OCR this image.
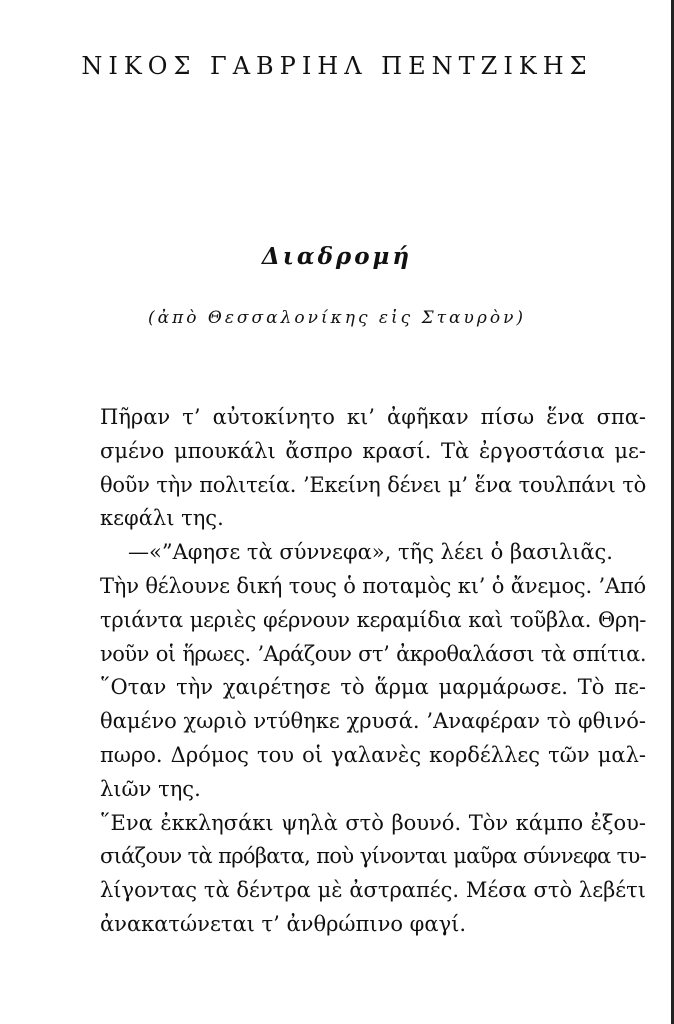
ΝΙΚΟΣ ΓΑΒΡΙΗΛ ΠΕΝΤΖΙΚΗΣ
Διαδρομή
(ἀπὸ Θεσσαλονίκης εἰς Σταυρὸν)

Πῆραν τ’ αὐτοκίνητο κι’ ἀφῆκαν πίσω ἕνα σπα-
σμένο μπουκάλι ἄσπρο κρασί. Τὰ ἐργοστάσια με-
θοῦν τὴν πολιτεία. ’Εκείνη δένει μ’ ἕνα τουλπάνι τὸ
κεφάλι της.

—«”Αφησε τὰ σύννεφα», τῆς λέει ὁ βασιλιᾶς.

Τὴν θέλουνε δική τους ὁ ποταμὸς κι’ ὁ ἄνεμος. ’Από
τριάντα μεριὲς φέρνουν κεραμίδια καὶ τοῦβλα. Θρη-
νοῦν οἱ ἥρωες. ’Αράζουν στ’ ἀκροθαλάσσι τὰ σπίτια.

῞Οταν τὴν χαιρέτησε τὸ ἅρμα μαρμάρωσε. Τὸ πε-
θαμένο χωριὸ ντύθηκε χρυσά. ’Αναφέραν τὸ φθινό-
πωρο. Δρόμος του οἱ γαλανὲς κορδέλλες τῶν μαλ-
λιῶν της.

῞Ενα ἐκκλησάκι ψηλὰ στὸ βουνό. Τὸν κάμπο ἐξου-
σιάζουν τὰ πρόβατα, ποὺ γίνονται μαῦρα σύννεφα τυ-
λίγοντας τὰ δέντρα μὲ ἀστραπές. Μέσα στὸ λεβέτι
ἀνακατώνεται τ’ ἀνθρώπινο φαγί.
